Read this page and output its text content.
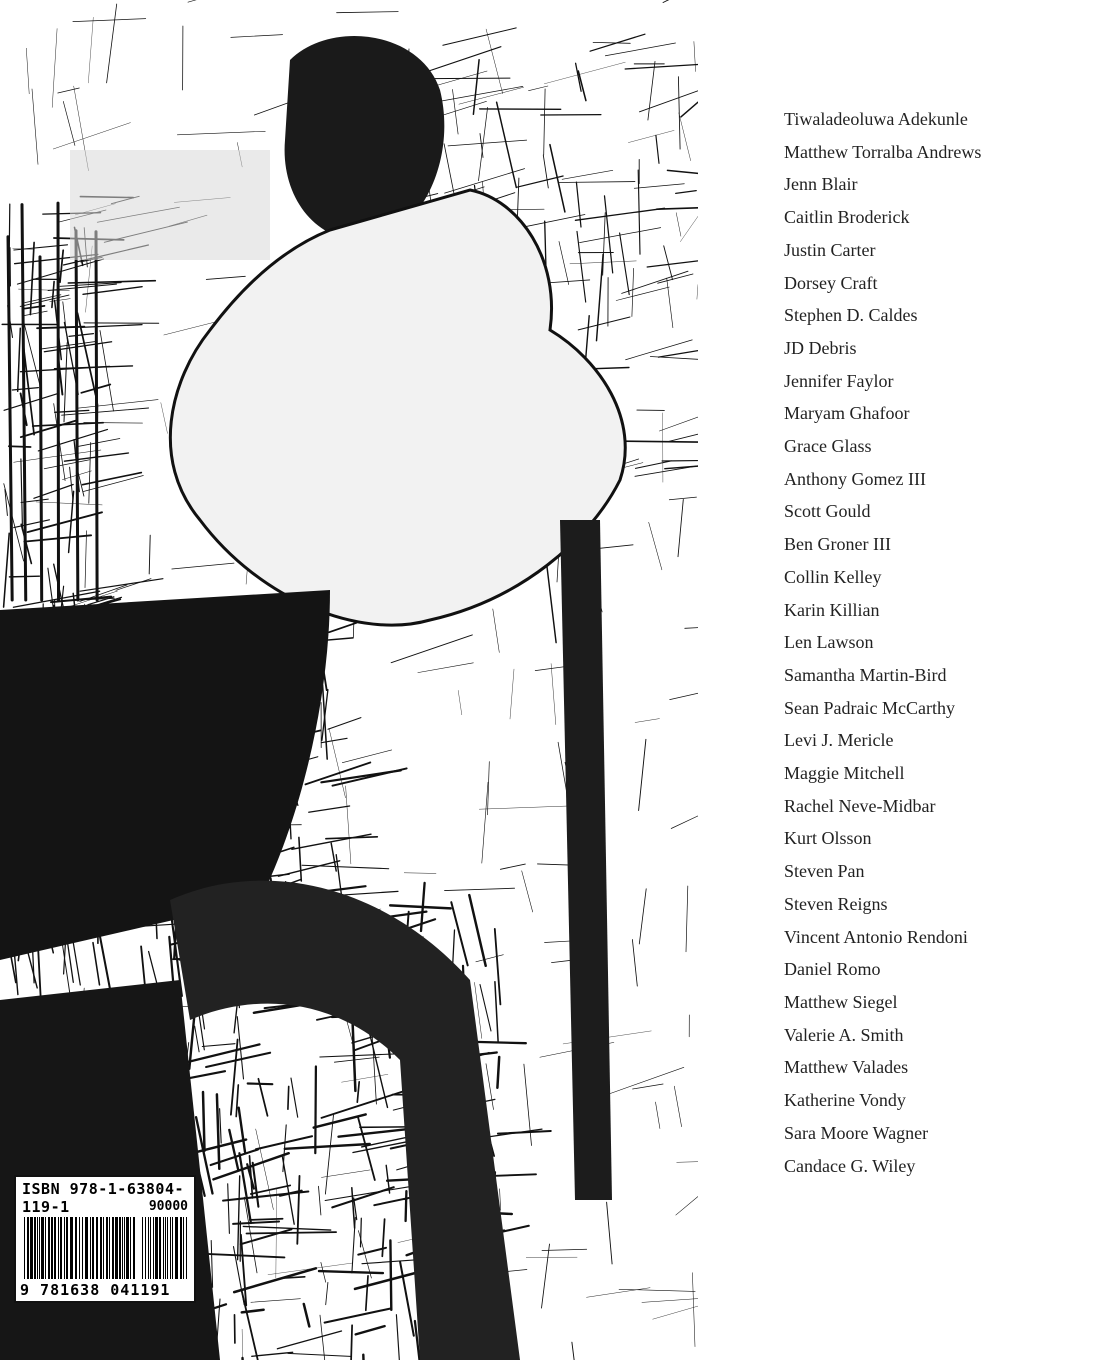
ISBN 978-1-63804-119-1	90000
9 781638 041191
Tiwaladeoluwa Adekunle
Matthew Torralba Andrews
Jenn Blair
Caitlin Broderick
Justin Carter
Dorsey Craft
Stephen D. Caldes
JD Debris
Jennifer Faylor
Maryam Ghafoor
Grace Glass
Anthony Gomez III
Scott Gould
Ben Groner III
Collin Kelley
Karin Killian
Len Lawson
Samantha Martin-Bird
Sean Padraic McCarthy
Levi J. Mericle
Maggie Mitchell
Rachel Neve-Midbar
Kurt Olsson
Steven Pan
Steven Reigns
Vincent Antonio Rendoni
Daniel Romo
Matthew Siegel
Valerie A. Smith
Matthew Valades
Katherine Vondy
Sara Moore Wagner
Candace G. Wiley
